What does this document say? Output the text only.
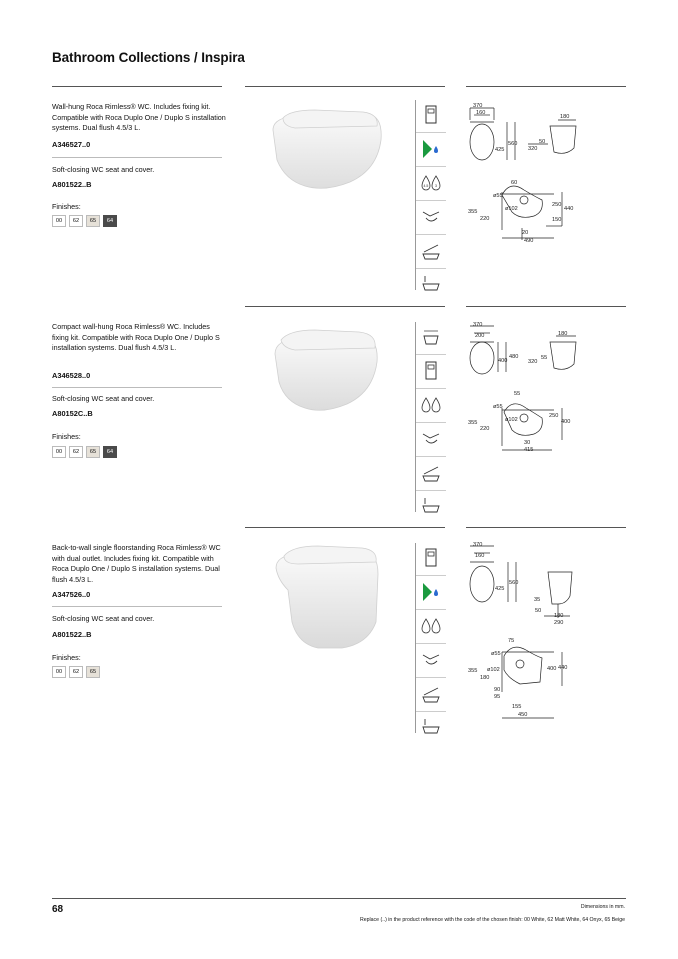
Bathroom Collections / Inspira
Wall-hung Roca Rimless® WC. Includes fixing kit. Compatible with Roca Duplo One / Duplo S installation systems. Dual flush 4.5/3 L.
A346527..0
Soft-closing WC seat and cover.
A801522..B
Finishes:
00	62	65	64
4.5 3
370
160
560
425
180
320
50
60
ø55
ø102
250
440
355
220	150
20
490
Compact wall-hung Roca Rimless® WC. Includes fixing kit. Compatible with Roca Duplo One / Duplo S installation systems. Dual flush 4.5/3 L.
A346528..0
Soft-closing WC seat and cover.
A80152C..B
Finishes:
00	62	65	64
370
200
480
400
180
320
55
55
ø55
ø102
250
400
355
220
30
415
Back-to-wall single floorstanding Roca Rimless® WC with dual outlet. Includes fixing kit. Compatible with Roca Duplo One / Duplo S installation systems. Dual flush 4.5/3 L.
A347526..0
Soft-closing WC seat and cover.
A801522..B
Finishes:
00	62	65
370
160
560
425
35
50
180
290
75
ø55
ø102	400 440
355
180
90
95
155
450
68	Dimensions in mm.
Replace (..) in the product reference with the code of the chosen finish: 00 White, 62 Matt White, 64 Onyx, 65 Beige
